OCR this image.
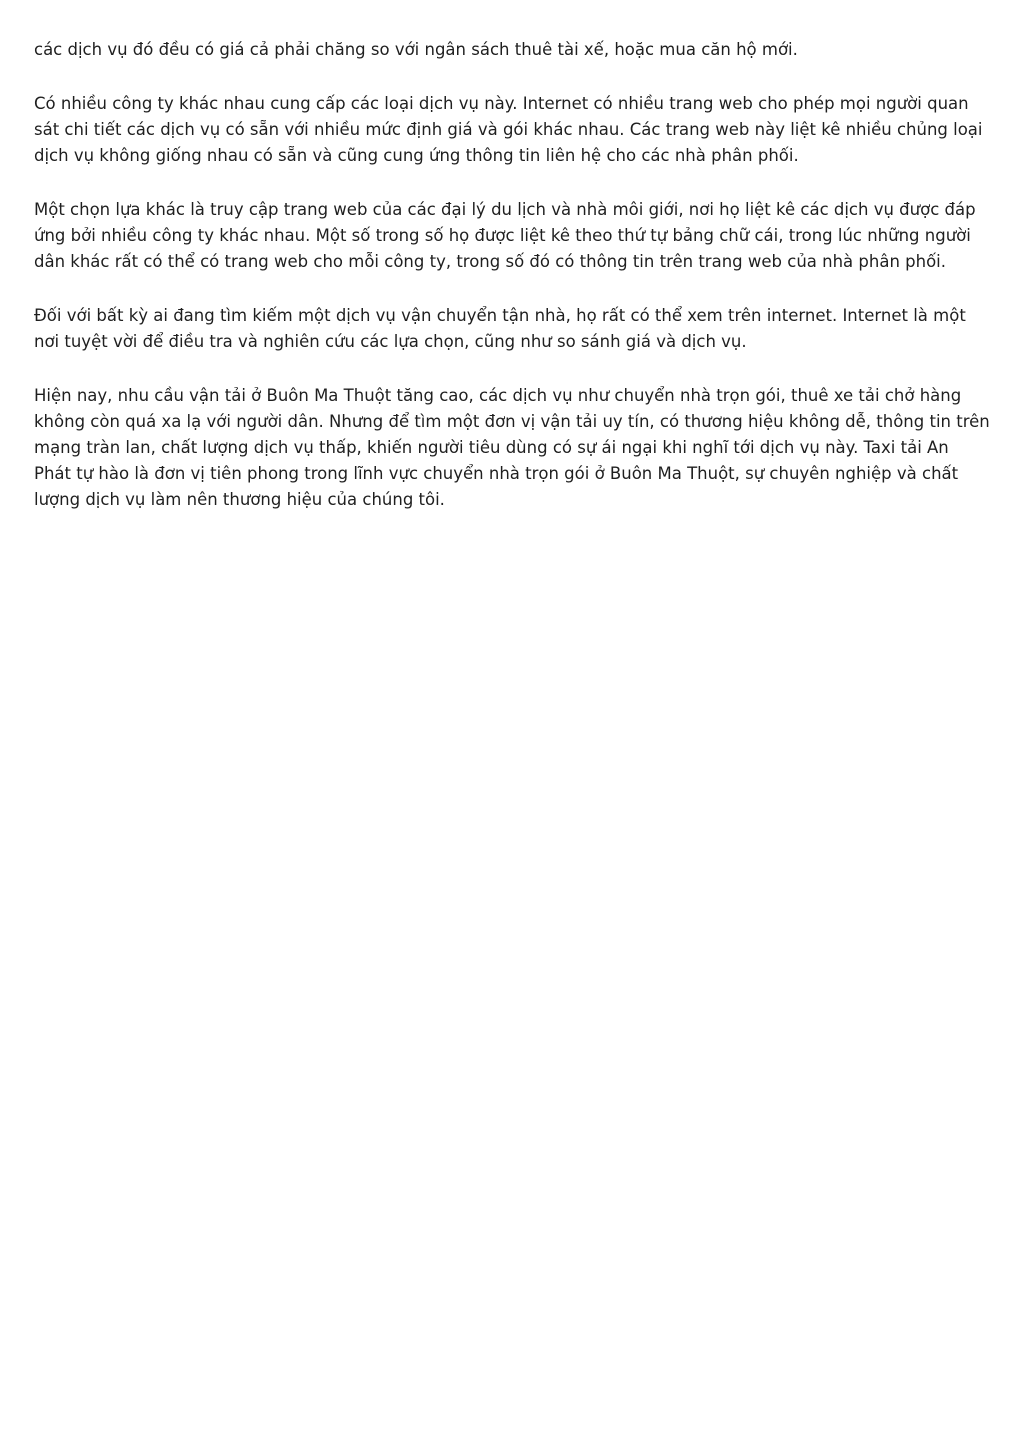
các dịch vụ đó đều có giá cả phải chăng so với ngân sách thuê tài xế, hoặc mua căn hộ mới.

Có nhiều công ty khác nhau cung cấp các loại dịch vụ này. Internet có nhiều trang web cho phép mọi người quan sát chi tiết các dịch vụ có sẵn với nhiều mức định giá và gói khác nhau. Các trang web này liệt kê nhiều chủng loại dịch vụ không giống nhau có sẵn và cũng cung ứng thông tin liên hệ cho các nhà phân phối.

Một chọn lựa khác là truy cập trang web của các đại lý du lịch và nhà môi giới, nơi họ liệt kê các dịch vụ được đáp ứng bởi nhiều công ty khác nhau. Một số trong số họ được liệt kê theo thứ tự bảng chữ cái, trong lúc những người dân khác rất có thể có trang web cho mỗi công ty, trong số đó có thông tin trên trang web của nhà phân phối.

Đối với bất kỳ ai đang tìm kiếm một dịch vụ vận chuyển tận nhà, họ rất có thể xem trên internet. Internet là một nơi tuyệt vời để điều tra và nghiên cứu các lựa chọn, cũng như so sánh giá và dịch vụ.

Hiện nay, nhu cầu vận tải ở Buôn Ma Thuột tăng cao, các dịch vụ như chuyển nhà trọn gói, thuê xe tải chở hàng không còn quá xa lạ với người dân. Nhưng để tìm một đơn vị vận tải uy tín, có thương hiệu không dễ, thông tin trên mạng tràn lan, chất lượng dịch vụ thấp, khiến người tiêu dùng có sự ái ngại khi nghĩ tới dịch vụ này. Taxi tải An Phát tự hào là đơn vị tiên phong trong lĩnh vực chuyển nhà trọn gói ở Buôn Ma Thuột, sự chuyên nghiệp và chất lượng dịch vụ làm nên thương hiệu của chúng tôi.
